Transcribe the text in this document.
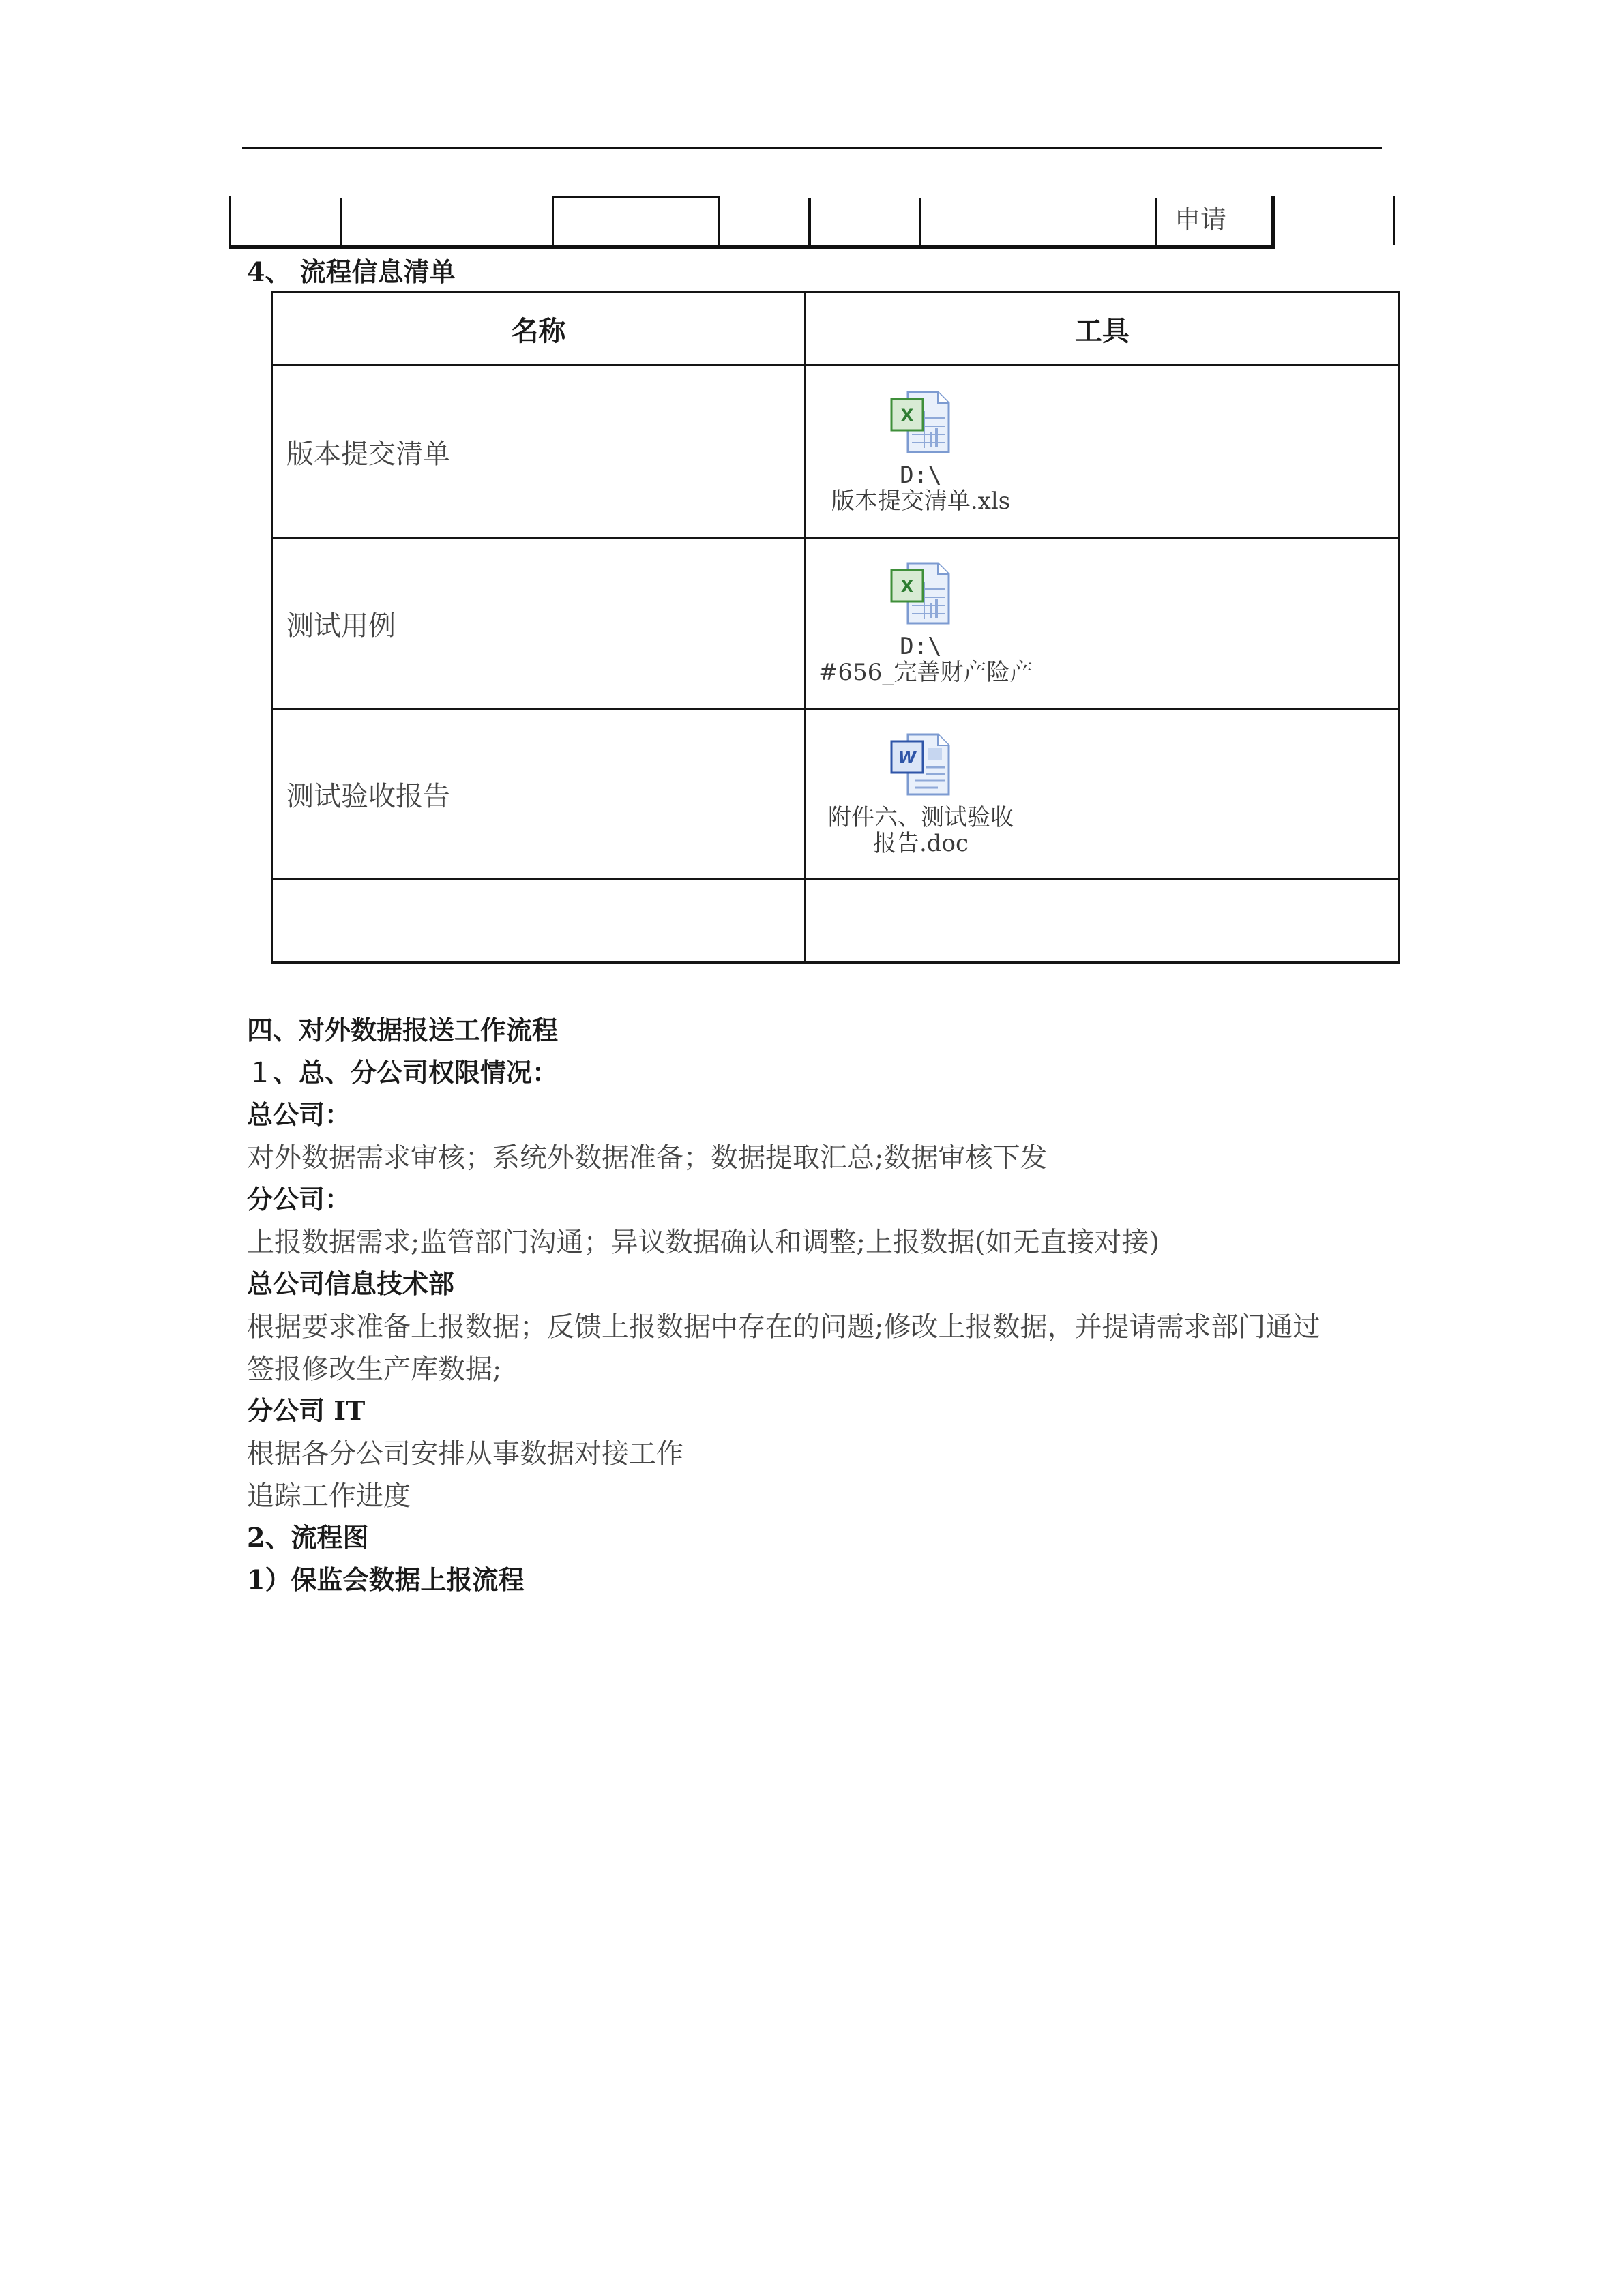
申请
4、 流程信息清单
名称	工具
版本提交清单	X
D:\
版本提交清单.xls

测试用例	X
D:\
#656_完善财产险产

测试验收报告	W
附件六、测试验收
报告.doc

四、对外数据报送工作流程
１、总、分公司权限情况：
总公司：
对外数据需求审核；系统外数据准备；数据提取汇总;数据审核下发
分公司：
上报数据需求;监管部门沟通；异议数据确认和调整;上报数据(如无直接对接)
总公司信息技术部
根据要求准备上报数据；反馈上报数据中存在的问题;修改上报数据，并提请需求部门通过
签报修改生产库数据;
分公司 IT
根据各分公司安排从事数据对接工作
追踪工作进度
2、流程图
1）保监会数据上报流程
